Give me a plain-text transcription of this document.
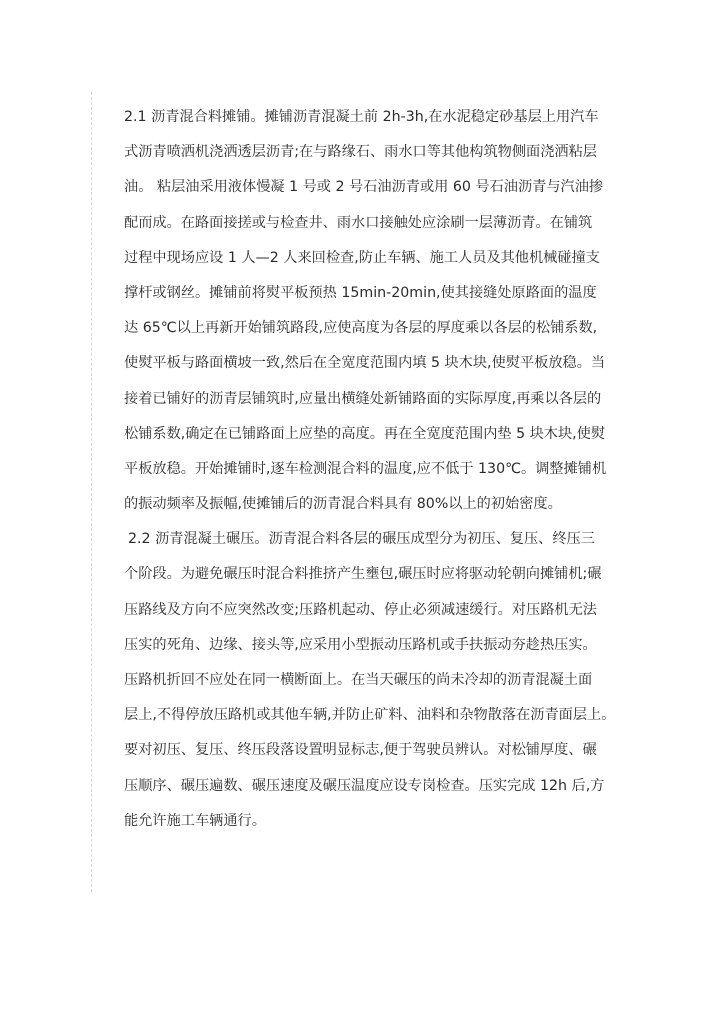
2.1 沥青混合料摊铺。摊铺沥青混凝土前 2h-3h,在水泥稳定砂基层上用汽车
式沥青喷洒机浇洒透层沥青;在与路缘石、雨水口等其他构筑物侧面浇洒粘层
油。 粘层油采用液体慢凝 1 号或 2 号石油沥青或用 60 号石油沥青与汽油掺
配而成。在路面接搓或与检查井、雨水口接触处应涂刷一层薄沥青。在铺筑
过程中现场应设 1 人—2 人来回检查,防止车辆、施工人员及其他机械碰撞支
撑杆或钢丝。摊铺前将熨平板预热 15min-20min,使其接缝处原路面的温度
达 65℃以上再新开始铺筑路段,应使高度为各层的厚度乘以各层的松铺系数,
使熨平板与路面横坡一致,然后在全宽度范围内填 5 块木块,使熨平板放稳。当
接着已铺好的沥青层铺筑时,应量出横缝处新铺路面的实际厚度,再乘以各层的
松铺系数,确定在已铺路面上应垫的高度。再在全宽度范围内垫 5 块木块,使熨
平板放稳。开始摊铺时,逐车检测混合料的温度,应不低于 130℃。调整摊铺机
的振动频率及振幅,使摊铺后的沥青混合料具有 80%以上的初始密度。
2.2 沥青混凝土碾压。沥青混合料各层的碾压成型分为初压、复压、终压三
个阶段。为避免碾压时混合料推挤产生壅包,碾压时应将驱动轮朝向摊铺机;碾
压路线及方向不应突然改变;压路机起动、停止必须减速缓行。对压路机无法
压实的死角、边缘、接头等,应采用小型振动压路机或手扶振动夯趁热压实。
压路机折回不应处在同一横断面上。在当天碾压的尚未冷却的沥青混凝土面
层上,不得停放压路机或其他车辆,并防止矿料、油料和杂物散落在沥青面层上。
要对初压、复压、终压段落设置明显标志,便于驾驶员辨认。对松铺厚度、碾
压顺序、碾压遍数、碾压速度及碾压温度应设专岗检查。压实完成 12h 后,方
能允许施工车辆通行。
